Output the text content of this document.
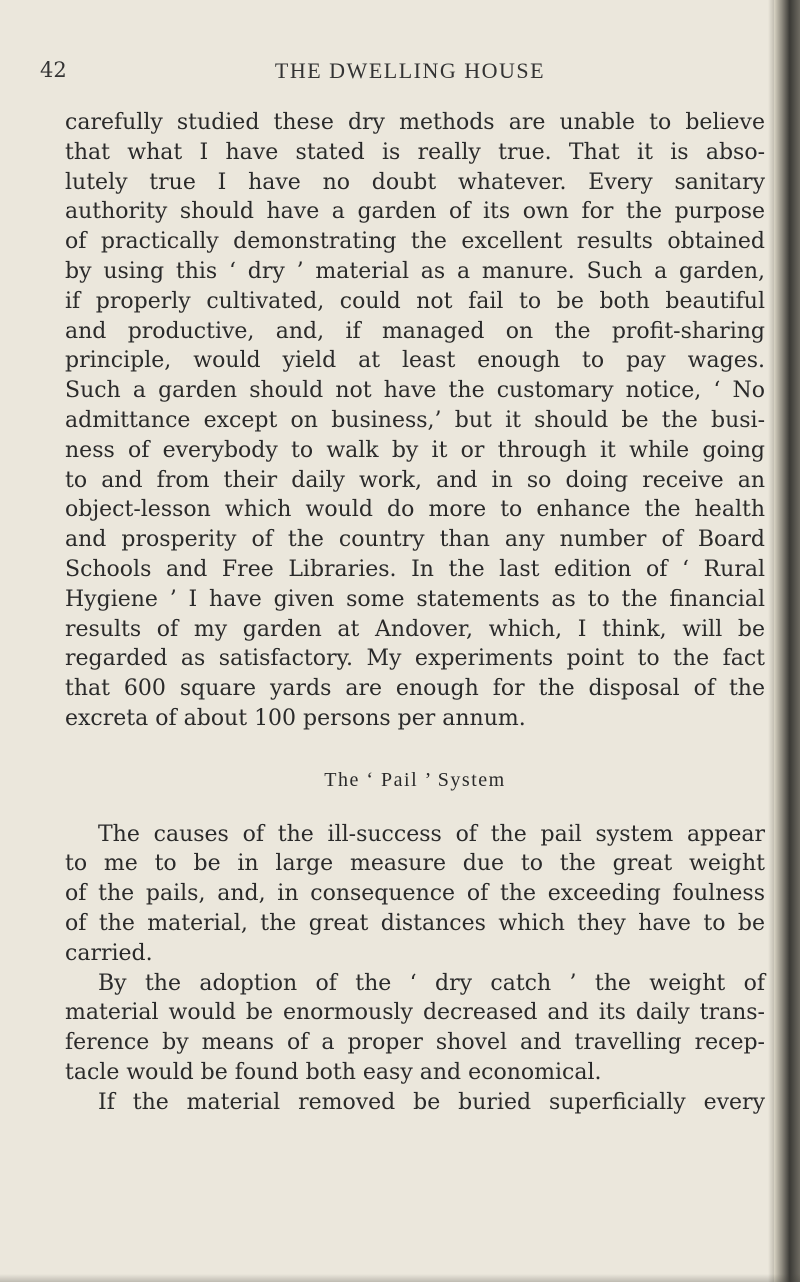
42	THE DWELLING HOUSE
carefully studied these dry methods are unable to believe
that what I have stated is really true. That it is abso-
lutely true I have no doubt whatever. Every sanitary
authority should have a garden of its own for the purpose
of practically demonstrating the excellent results obtained
by using this ‘ dry ’ material as a manure. Such a garden,
if properly cultivated, could not fail to be both beautiful
and productive, and, if managed on the profit-sharing
principle, would yield at least enough to pay wages.
Such a garden should not have the customary notice, ‘ No
admittance except on business,’ but it should be the busi-
ness of everybody to walk by it or through it while going
to and from their daily work, and in so doing receive an
object-lesson which would do more to enhance the health
and prosperity of the country than any number of Board
Schools and Free Libraries. In the last edition of ‘ Rural
Hygiene ’ I have given some statements as to the financial
results of my garden at Andover, which, I think, will be
regarded as satisfactory. My experiments point to the fact
that 600 square yards are enough for the disposal of the
excreta of about 100 persons per annum.
The ‘ Pail ’ System
The causes of the ill-success of the pail system appear
to me to be in large measure due to the great weight
of the pails, and, in consequence of the exceeding foulness
of the material, the great distances which they have to be
carried.
By the adoption of the ‘ dry catch ’ the weight of
material would be enormously decreased and its daily trans-
ference by means of a proper shovel and travelling recep-
tacle would be found both easy and economical.
If the material removed be buried superficially every
